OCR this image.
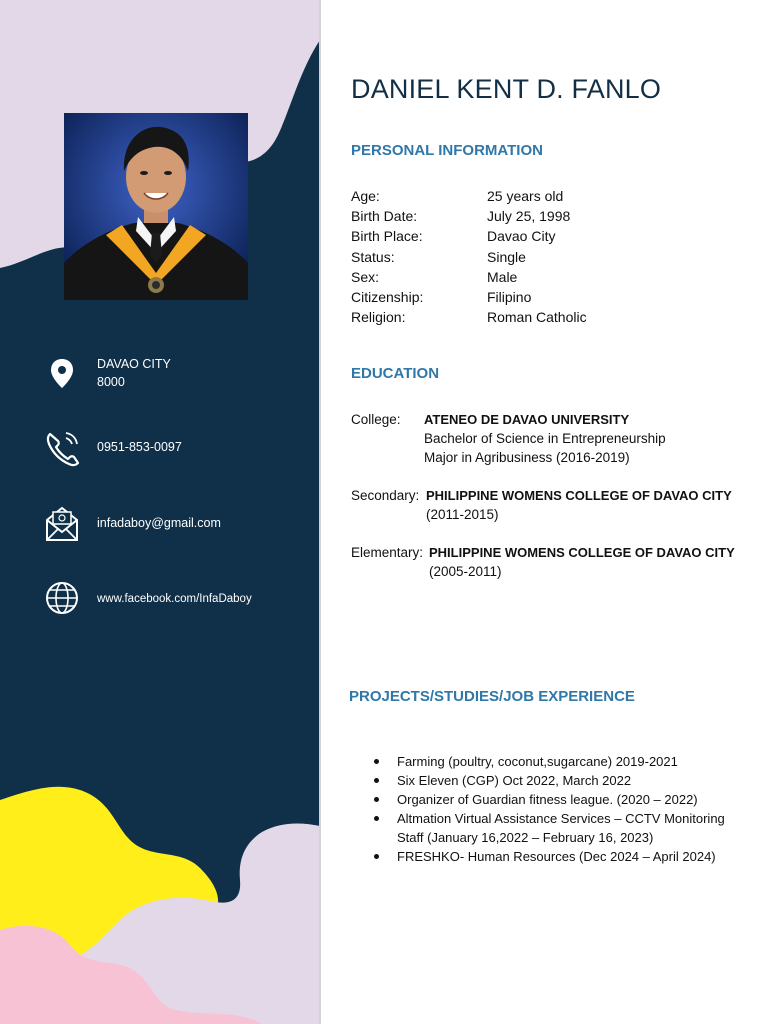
DAVAO CITY
8000
0951-853-0097
infadaboy@gmail.com
www.facebook.com/InfaDaboy
DANIEL KENT D. FANLO
PERSONAL INFORMATION
Age:	25 years old
Birth Date:	July 25, 1998
Birth Place:	Davao City
Status:	Single
Sex:	Male
Citizenship:	Filipino
Religion:	Roman Catholic
EDUCATION
College: ATENEO DE DAVAO UNIVERSITY
Bachelor of Science in Entrepreneurship
Major in Agribusiness (2016-2019)
Secondary: PHILIPPINE WOMENS COLLEGE OF DAVAO CITY
(2011-2015)
Elementary: PHILIPPINE WOMENS COLLEGE OF DAVAO CITY
(2005-2011)
PROJECTS/STUDIES/JOB EXPERIENCE
Farming (poultry, coconut,sugarcane) 2019-2021
Six Eleven (CGP) Oct 2022, March 2022
Organizer of Guardian fitness league. (2020 – 2022)
Altmation Virtual Assistance Services – CCTV Monitoring Staff (January 16,2022 – February 16, 2023)
FRESHKO- Human Resources (Dec 2024 – April 2024)
